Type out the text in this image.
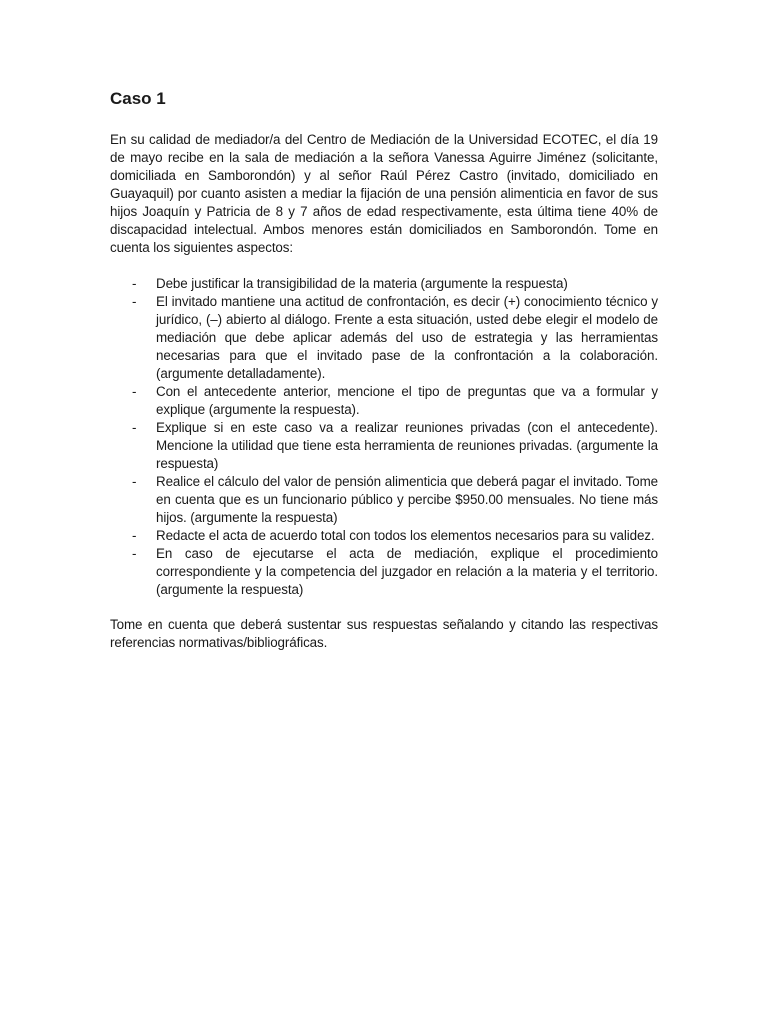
Caso 1

En su calidad de mediador/a del Centro de Mediación de la Universidad ECOTEC, el día 19 de mayo recibe en la sala de mediación a la señora Vanessa Aguirre Jiménez (solicitante, domiciliada en Samborondón) y al señor Raúl Pérez Castro (invitado, domiciliado en Guayaquil) por cuanto asisten a mediar la fijación de una pensión alimenticia en favor de sus hijos Joaquín y Patricia de 8 y 7 años de edad respectivamente, esta última tiene 40% de discapacidad intelectual. Ambos menores están domiciliados en Samborondón. Tome en cuenta los siguientes aspectos:

- Debe justificar la transigibilidad de la materia (argumente la respuesta)
- El invitado mantiene una actitud de confrontación, es decir (+) conocimiento técnico y jurídico, (–) abierto al diálogo. Frente a esta situación, usted debe elegir el modelo de mediación que debe aplicar además del uso de estrategia y las herramientas necesarias para que el invitado pase de la confrontación a la colaboración. (argumente detalladamente).
- Con el antecedente anterior, mencione el tipo de preguntas que va a formular y explique (argumente la respuesta).
- Explique si en este caso va a realizar reuniones privadas (con el antecedente). Mencione la utilidad que tiene esta herramienta de reuniones privadas. (argumente la respuesta)
- Realice el cálculo del valor de pensión alimenticia que deberá pagar el invitado. Tome en cuenta que es un funcionario público y percibe $950.00 mensuales. No tiene más hijos. (argumente la respuesta)
- Redacte el acta de acuerdo total con todos los elementos necesarios para su validez.
- En caso de ejecutarse el acta de mediación, explique el procedimiento correspondiente y la competencia del juzgador en relación a la materia y el territorio. (argumente la respuesta)

Tome en cuenta que deberá sustentar sus respuestas señalando y citando las respectivas referencias normativas/bibliográficas.
